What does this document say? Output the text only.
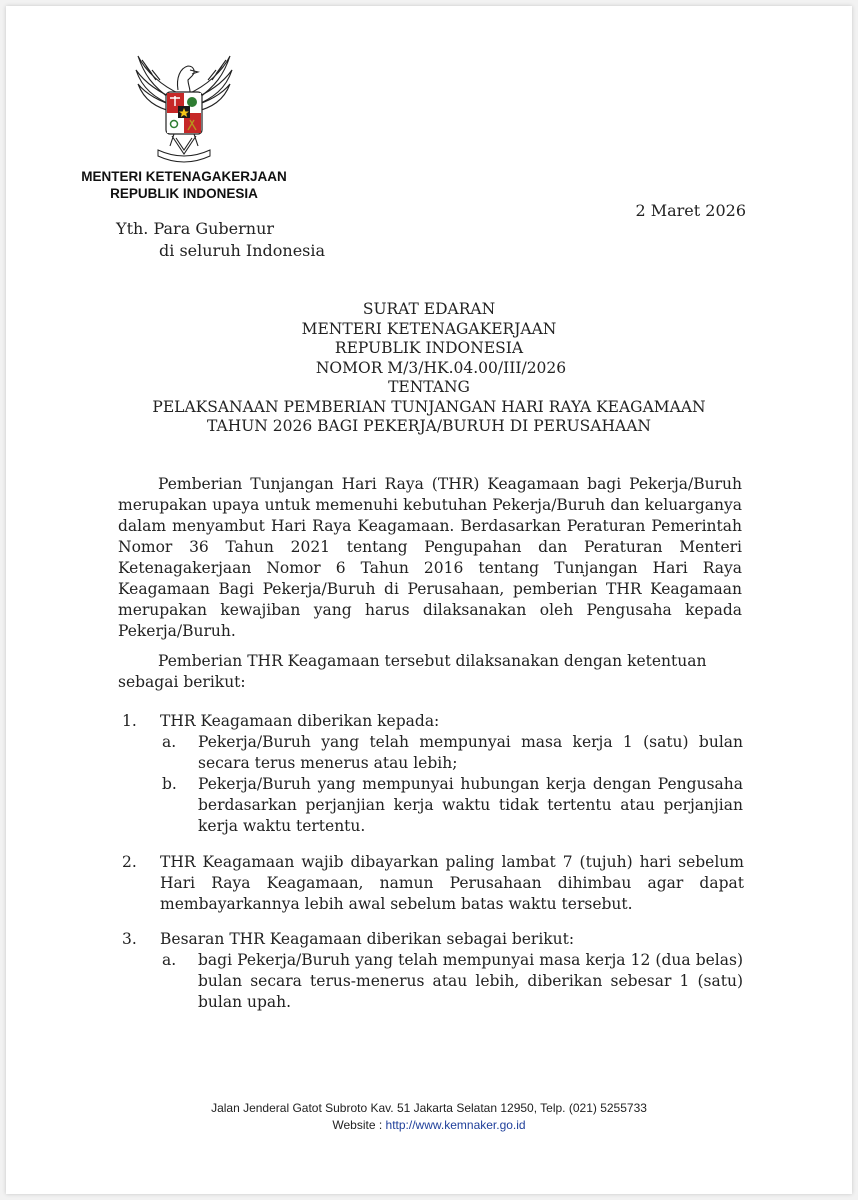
MENTERI KETENAGAKERJAAN
REPUBLIK INDONESIA
2 Maret 2026
Yth. Para Gubernur
di seluruh Indonesia
SURAT EDARAN
MENTERI KETENAGAKERJAAN
REPUBLIK INDONESIA
NOMOR M/3/HK.04.00/III/2026
TENTANG
PELAKSANAAN PEMBERIAN TUNJANGAN HARI RAYA KEAGAMAAN
TAHUN 2026 BAGI PEKERJA/BURUH DI PERUSAHAAN
Pemberian Tunjangan Hari Raya (THR) Keagamaan bagi Pekerja/Buruh merupakan upaya untuk memenuhi kebutuhan Pekerja/Buruh dan keluarganya dalam menyambut Hari Raya Keagamaan. Berdasarkan Peraturan Pemerintah Nomor 36 Tahun 2021 tentang Pengupahan dan Peraturan Menteri Ketenagakerjaan Nomor 6 Tahun 2016 tentang Tunjangan Hari Raya Keagamaan Bagi Pekerja/Buruh di Perusahaan, pemberian THR Keagamaan merupakan kewajiban yang harus dilaksanakan oleh Pengusaha kepada Pekerja/Buruh.
Pemberian THR Keagamaan tersebut dilaksanakan dengan ketentuan sebagai berikut:
1. THR Keagamaan diberikan kepada:
a. Pekerja/Buruh yang telah mempunyai masa kerja 1 (satu) bulan secara terus menerus atau lebih;
b. Pekerja/Buruh yang mempunyai hubungan kerja dengan Pengusaha berdasarkan perjanjian kerja waktu tidak tertentu atau perjanjian kerja waktu tertentu.
2. THR Keagamaan wajib dibayarkan paling lambat 7 (tujuh) hari sebelum Hari Raya Keagamaan, namun Perusahaan dihimbau agar dapat membayarkannya lebih awal sebelum batas waktu tersebut.
3. Besaran THR Keagamaan diberikan sebagai berikut:
a. bagi Pekerja/Buruh yang telah mempunyai masa kerja 12 (dua belas) bulan secara terus-menerus atau lebih, diberikan sebesar 1 (satu) bulan upah.
Jalan Jenderal Gatot Subroto Kav. 51 Jakarta Selatan 12950, Telp. (021) 5255733
Website : http://www.kemnaker.go.id
